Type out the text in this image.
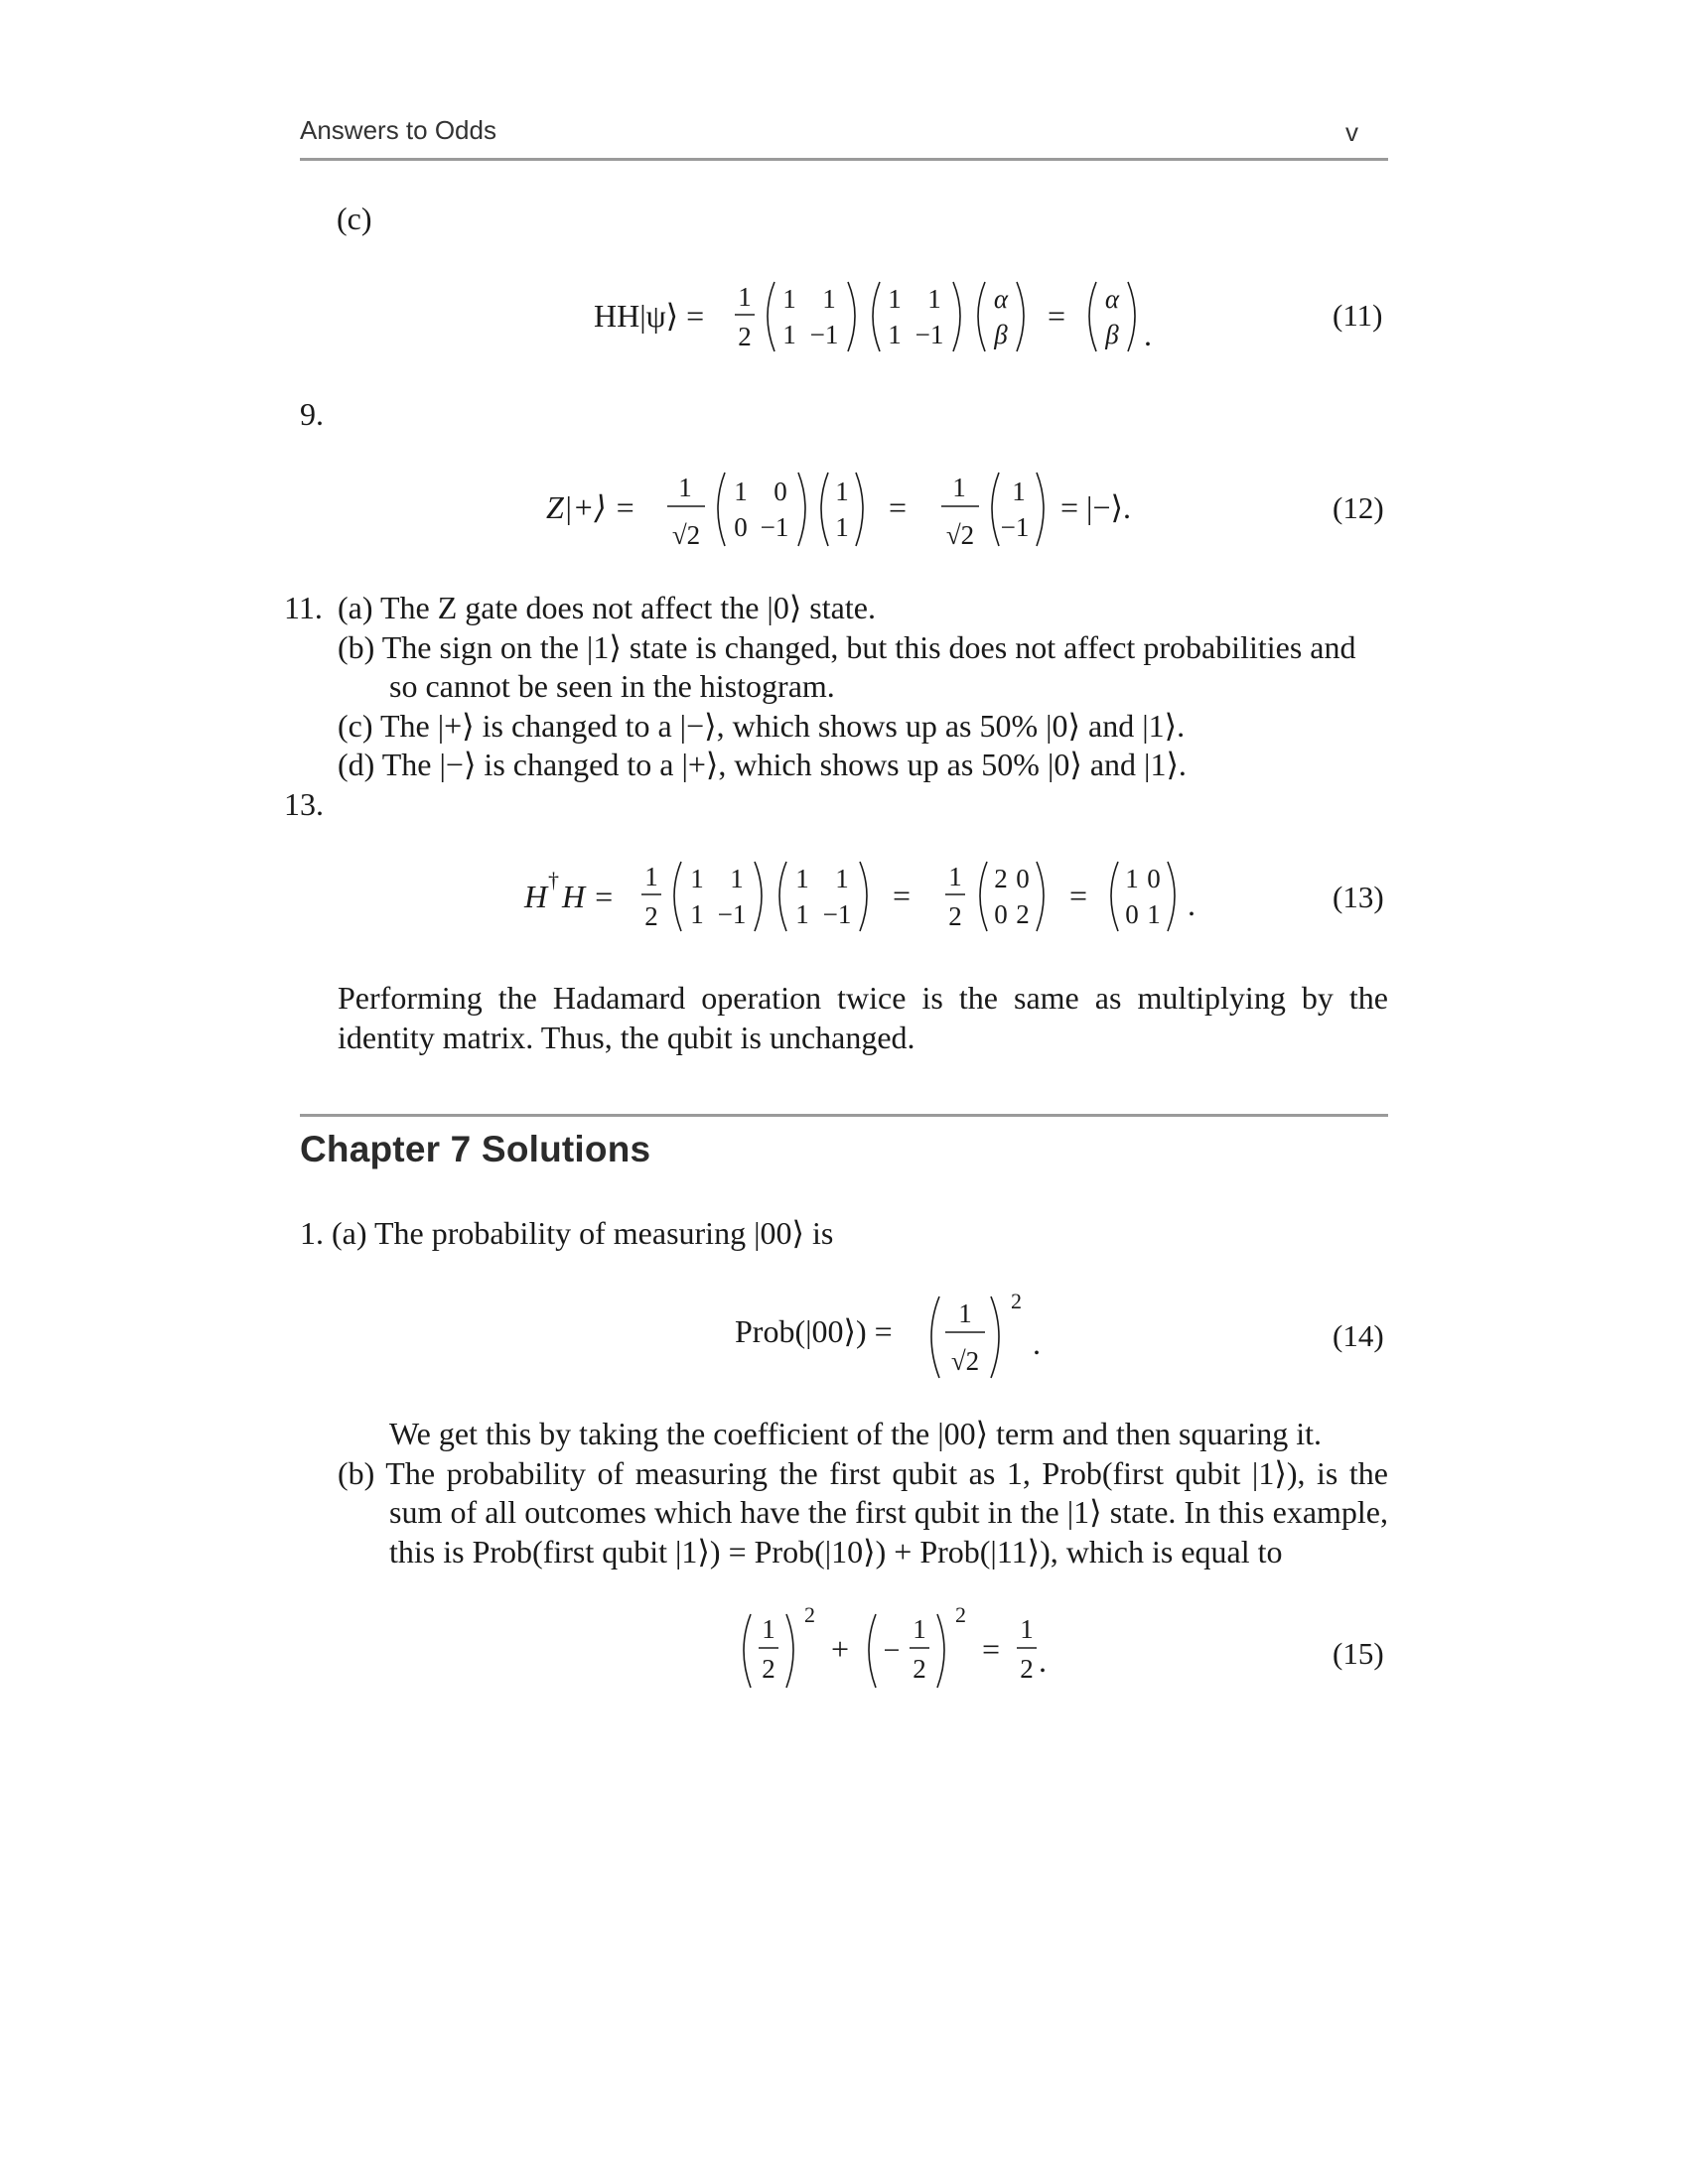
Answers to Odds	v
(c)
HH|ψ⟩ =
1
2
1 1
1 −1
1 1
1 −1
α
β
= α
β .
(11)
9.
Z|+⟩ =
1
√2
1 0
0 −1
1
1
=
1
√2
1
−1
= |−⟩.	(12)
11. (a) The Z gate does not affect the |0⟩ state.
(b) The sign on the |1⟩ state is changed, but this does not affect probabilities and
so cannot be seen in the histogram.
(c) The |+⟩ is changed to a |−⟩, which shows up as 50% |0⟩ and |1⟩.
(d) The |−⟩ is changed to a |+⟩, which shows up as 50% |0⟩ and |1⟩.
13.
H † H =
1
2
1 1
1 −1
1 1
1 −1
=
1
2
2 0
0 2
= 1 0
0 1 .	(13)
Performing the Hadamard operation twice is the same as multiplying by the
identity matrix. Thus, the qubit is unchanged.
Chapter 7 Solutions
1. (a) The probability of measuring |00⟩ is
Prob(|00⟩) = 1
√2
2
.	(14)
We get this by taking the coefficient of the |00⟩ term and then squaring it.
(b) The probability of measuring the first qubit as 1, Prob(first qubit |1⟩), is the
sum of all outcomes which have the first qubit in the |1⟩ state. In this example,
this is Prob(first qubit |1⟩) = Prob(|10⟩) + Prob(|11⟩), which is equal to
1
2
2
+ −
1
2
2
=
1
2 .	(15)
